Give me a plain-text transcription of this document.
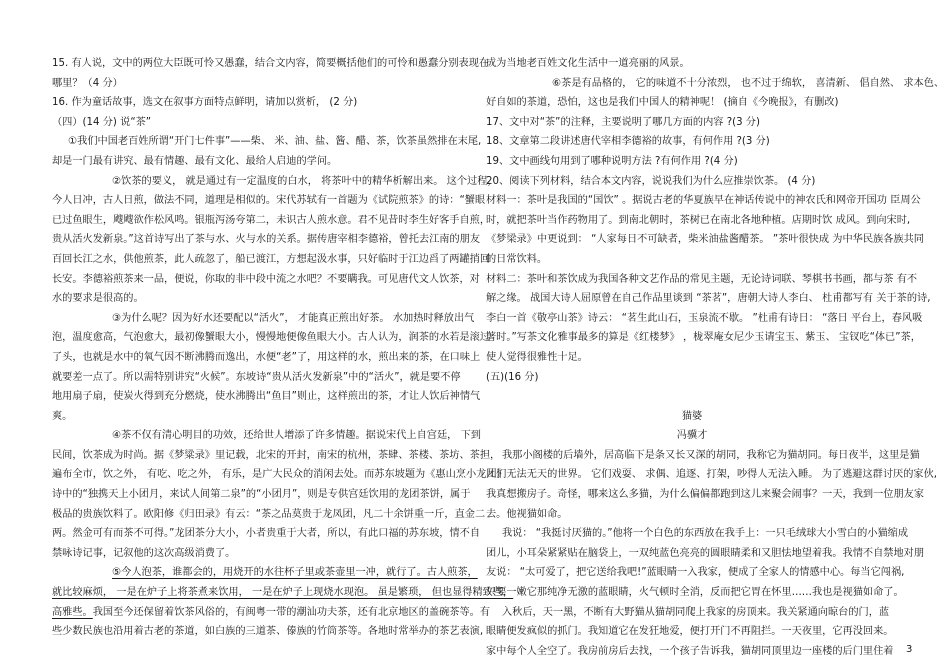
15. 有人说，文中的两位大臣既可怜又愚蠢，结合文内容，简要概括他们的可怜和愚蠢分别表现在
哪里？（4 分）
16. 作为童话故事，选文在叙事方面特点鲜明，请加以赏析， (2 分)
（四）(14 分) 说“茶”
①我们中国老百姓所谓“开门七件事”——柴、 米、油、盐、酱、醋、茶，饮茶虽然排在末尾,
却是一门最有讲究、最有情趣、最有文化、最给人启迪的学问。
②饮茶的要义， 就是通过有一定温度的白水， 将茶叶中的精华析解出来。 这个过程，
今人日冲，古人日煎，做法不同，道理是相似的。宋代苏轼有一首题为《试院煎茶》的诗：“蟹眼
已过鱼眼生，飕飕欲作松风鸣。银瓶泻汤夸第二，未识古人煎水意。君不见昔时李生好客手自煎，
贵从活火发新泉。”这首诗写出了茶与水、火与水的关系。据传唐宰相李德裕，曾托去江南的朋友
百回长江之水，供他煎茶，此人疏忽了，船已渡江，方想起汲水事，只好临时于江边舀了两罐捎回
长安。李德裕煎茶来一品，便说，你取的非中段中流之水吧？不要瞒我。可见唐代文人饮茶，对
水的要求是很高的。
③为什么呢？因为好水还要配以“活火”， 才能真正煎出好茶。 水加热时释放出气
泡，温度愈高，气泡愈大，最初像蟹眼大小，慢慢地便像鱼眼大小。古人认为，润茶的水若是滚过
了头，也就是水中的氧气因不断沸腾而逸出，水便“老”了，用这样的水，煎出来的茶，在口味上
就要差一点了。所以需特别讲究“火候”。东坡诗“贵从活火发新泉”中的“活火”，就是要不停
地用扇子扇，使炭火得到充分燃烧，使水沸腾出“鱼目”则止，这样煎出的茶，才让人饮后神情气
爽。
④茶不仅有清心明目的功效，还给世人增添了许多情趣。据说宋代上自宫廷， 下到
民间，饮茶成为时尚。据《梦粱录》里记载，北宋的开封，南宋的杭州，茶肆、茶楼、茶坊、茶担，
遍布全市，饮之外， 有吃、吃之外， 有乐，是广大民众的消闲去处。而苏东坡题为《惠山烹小龙团》
诗中的“独携天上小团月，来试人间第二泉”的“小团月”，则是专供宫廷饮用的龙团茶饼，属于
极品的贵族饮料了。欧阳修《归田录》有云：“茶之品莫贵于龙凤团，凡二十余饼重一斤，直金二
两。然金可有而茶不可得。”龙团茶分大小，小者贵重于大者，所以，有此口福的苏东坡，情不自
禁咏诗记事，记叙他的这次高级消费了。
⑤今人泡茶，谁都会的，用烧开的水往杯子里或茶壶里一冲，就行了。古人煎茶，
就比较麻烦， 一是在炉子上将茶煮来饮用， 一是在炉子上现烧水现泡。 虽是繁琐， 但也显得精致些，
高雅些。我国至今还保留着饮茶风俗的，有闽粤一带的潮汕功夫茶，还有北京地区的盖碗茶等。有
些少数民族也沿用着古老的茶道，如白族的三道茶、傣族的竹筒茶等。各地时常举办的茶艺表演,
成为当地老百姓文化生活中一道亮丽的风景。
⑥茶是有品格的， 它的味道不十分浓烈， 也不过于绵软， 喜清新、 倡自然、 求本色、
好自如的茶道，恐怕，这也是我们中国人的精神呢！ (摘自《今晚报》，有删改)
17、文中对“茶”的注释，主要说明了哪几方面的内容 ?(3 分)
18、文章第二段讲述唐代宰相李德裕的故事，有何作用 ?(3 分)
19、文中画线句用到了哪种说明方法 ?有何作用 ?(4 分)
20、阅读下列材料，结合本文内容，说说我们为什么应推崇饮茶。 (4 分)
材料一：茶叶是我国的“国饮” 。据说古老的华夏族早在神话传说中的神农氏和网帝开国功 臣周公
时，就把茶叶当作药物用了。到南北朝时，茶树已在南北各地种植。店期时饮 成风。到向宋时,
《梦梁录》中更说到： “人家每日不可缺者，柴米油盐酱醋茶。 ”茶叶很快成 为中华民族各族共同
的日常饮料。
材料二：茶叶和茶饮成为我国各种文艺作品的常见主题，无论诗词联、琴棋书书画，都与茶 有不
解之缘。 战国大诗人屈原曾在自己作品里谈到 “茶茗”，唐朝大诗人李白、 杜甫都写有 关于茶的诗,
李白一首《敬亭山茶》诗云： “茗生此山石，玉泉流不歇。 ”杜甫有诗日： “落日 平台上，春风吸
著时。”写茶文化雅事最多的算是《红楼梦》 ，栊翠庵女尼少玉请宝玉、紫玉、 宝钗吃“体已”茶，
使人觉得很雅性十足。
(五)(16 分)
猫婆
冯骥才
我那小阁楼的后墙外，居高临下是条又长又深的胡同，我称它为猫胡同。每日夜半，这里是猫
儿们无法无天的世界。 它们戏耍、 求偶、追逐、打架，吵得人无法入睡。 为了逃避这群讨厌的家伙,
我真想搬房子。奇怪，哪来这么多猫，为什么偏偏都跑到这儿来聚会闹事？一天，我到一位朋友家
去。他视猫如命。
我说： “我挺讨厌猫的。”他将一个白色的东西放在我手上：一只毛绒球大小雪白的小猫缩成
团儿，小耳朵紧紧贴在脑袋上，一双纯蓝色亮亮的圆眼睛柔和又胆怯地望着我。我情不自禁地对朋
友说： “太可爱了，把它送给我吧!”蓝眼睛一入我家，便成了全家人的情感中心。每当它闯祸,
只要一嫩它那纯净无激的蓝眼睛，火气顿时全消，反而把它胃在怀里……我也是视猫如命了。
入秋后，天一黑，不断有大野猫从猫胡同爬上我家的房顶来。我关紧通向晾台的门，蓝
眼睛便发疯似的抓门。我知道它在发狂地爱，便打开门不再阻拦。一天夜里，它再没回来。
家中每个人全空了。我房前房后去找，一个孩子告诉我，猫胡同顶里边一座楼的后门里住着	3
